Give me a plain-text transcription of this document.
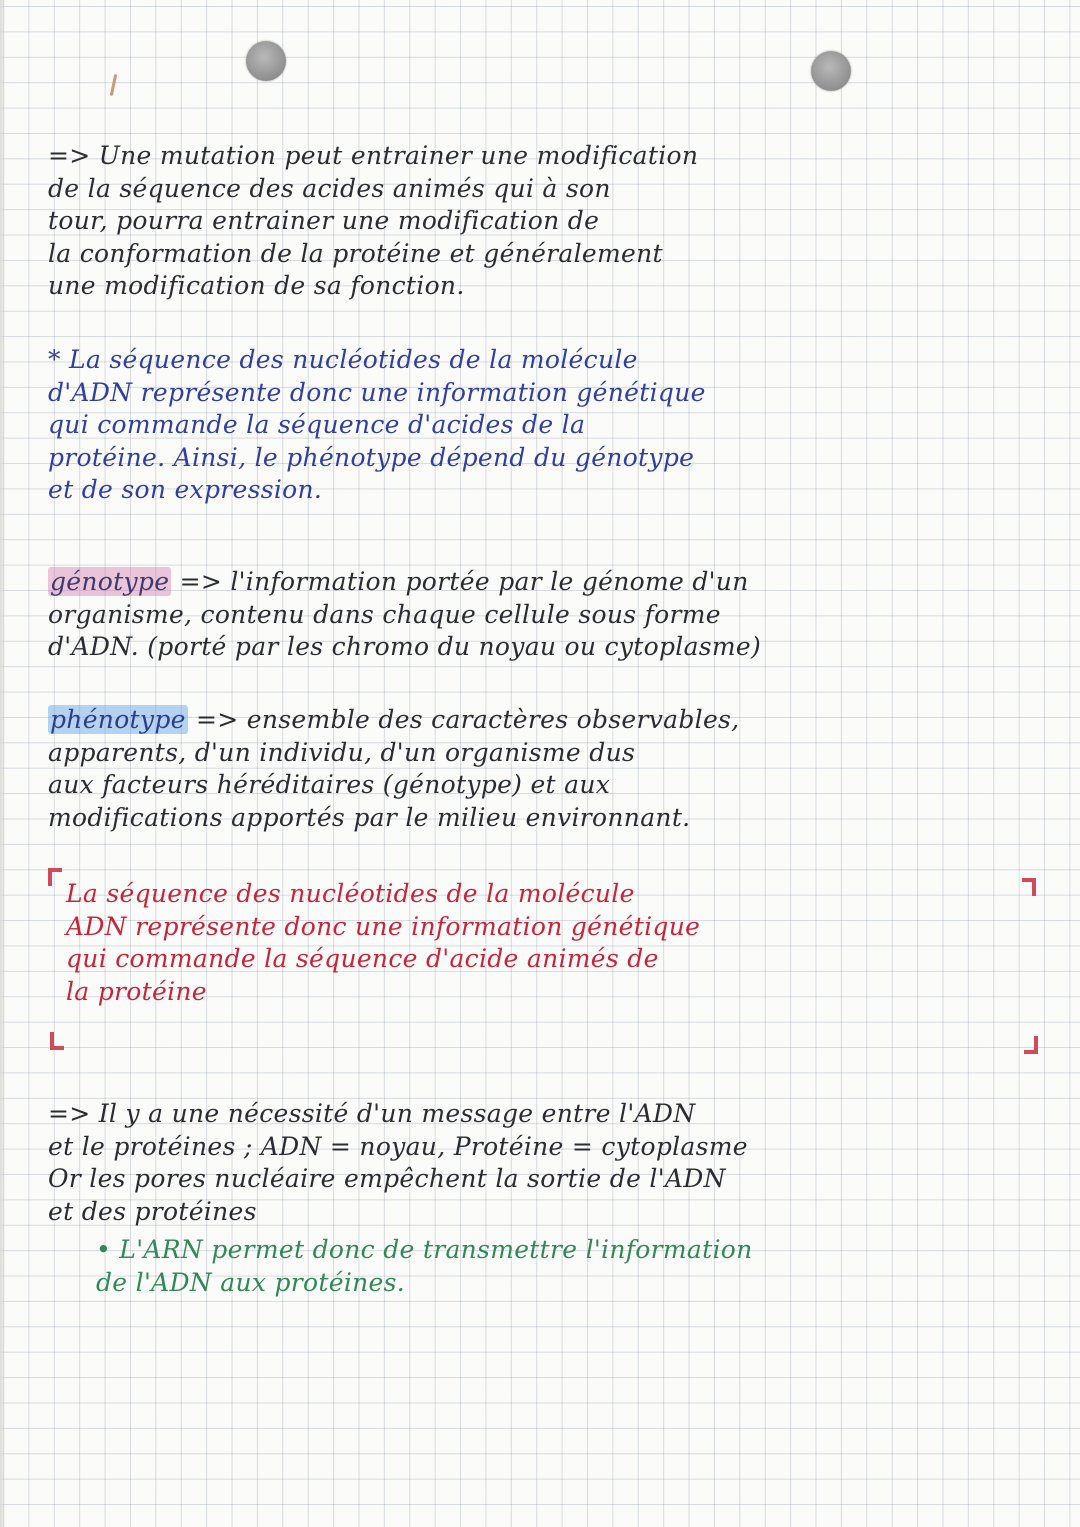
=> Une mutation peut entrainer une modification

de la séquence des acides animés qui à son

tour, pourra entrainer une modification de

la conformation de la protéine et généralement

une modification de sa fonction.

* La séquence des nucléotides de la molécule

d'ADN représente donc une information génétique

qui commande la séquence d'acides de la

protéine. Ainsi, le phénotype dépend du génotype

et de son expression.

génotype => l'information portée par le génome d'un

organisme, contenu dans chaque cellule sous forme

d'ADN. (porté par les chromo du noyau ou cytoplasme)

phénotype => ensemble des caractères observables,

apparents, d'un individu, d'un organisme dus

aux facteurs héréditaires (génotype) et aux

modifications apportés par le milieu environnant.

La séquence des nucléotides de la molécule

ADN représente donc une information génétique

qui commande la séquence d'acide animés de

la protéine

=> Il y a une nécessité d'un message entre l'ADN

et le protéines ; ADN = noyau, Protéine = cytoplasme

Or les pores nucléaire empêchent la sortie de l'ADN

et des protéines

• L'ARN permet donc de transmettre l'information

de l'ADN aux protéines.
